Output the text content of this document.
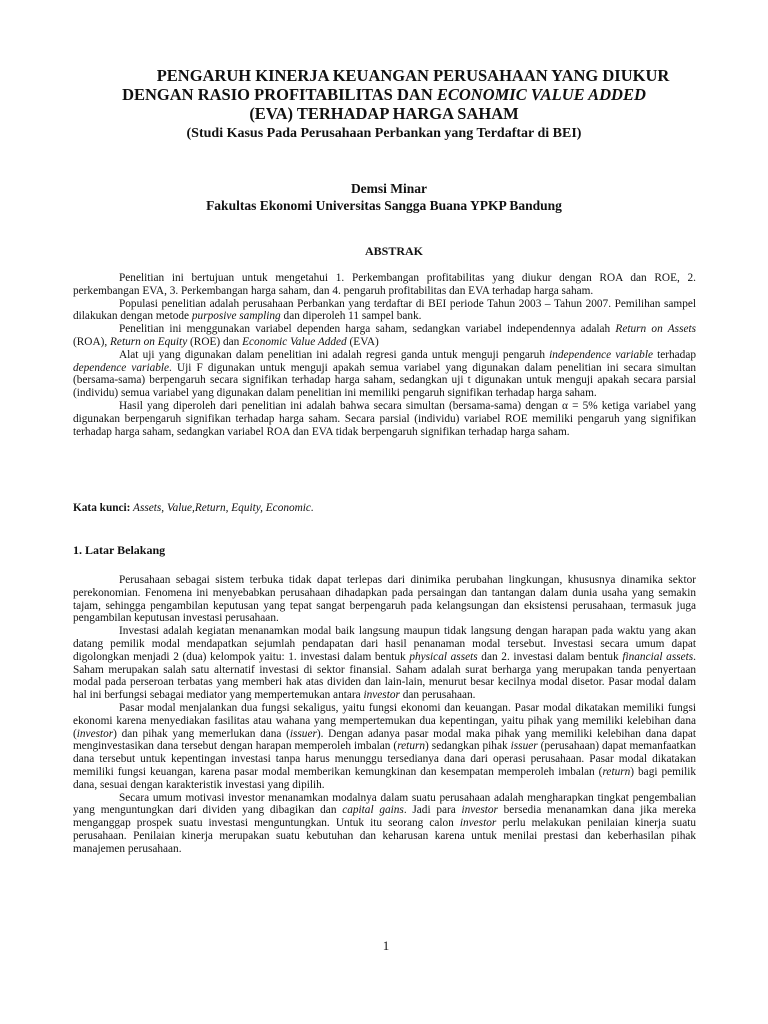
PENGARUH KINERJA KEUANGAN PERUSAHAAN YANG DIUKUR
DENGAN RASIO PROFITABILITAS DAN ECONOMIC VALUE ADDED
(EVA) TERHADAP HARGA SAHAM
(Studi Kasus Pada Perusahaan Perbankan yang Terdaftar di BEI)
Demsi Minar
Fakultas Ekonomi Universitas Sangga Buana YPKP Bandung
ABSTRAK

Penelitian ini bertujuan untuk mengetahui 1. Perkembangan profitabilitas yang diukur dengan ROA dan ROE, 2. perkembangan EVA, 3. Perkembangan harga saham, dan 4. pengaruh profitabilitas dan EVA terhadap harga saham.

Populasi penelitian adalah perusahaan Perbankan yang terdaftar di BEI periode Tahun 2003 – Tahun 2007. Pemilihan sampel dilakukan dengan metode purposive sampling dan diperoleh 11 sampel bank.

Penelitian ini menggunakan variabel dependen harga saham, sedangkan variabel independennya adalah Return on Assets (ROA), Return on Equity (ROE) dan Economic Value Added (EVA)

Alat uji yang digunakan dalam penelitian ini adalah regresi ganda untuk menguji pengaruh independence variable terhadap dependence variable. Uji F digunakan untuk menguji apakah semua variabel yang digunakan dalam penelitian ini secara simultan (bersama-sama) berpengaruh secara signifikan terhadap harga saham, sedangkan uji t digunakan untuk menguji apakah secara parsial (individu) semua variabel yang digunakan dalam penelitian ini memiliki pengaruh signifikan terhadap harga saham.

Hasil yang diperoleh dari penelitian ini adalah bahwa secara simultan (bersama-sama) dengan α = 5% ketiga variabel yang digunakan berpengaruh signifikan terhadap harga saham. Secara parsial (individu) variabel ROE memiliki pengaruh yang signifikan terhadap harga saham, sedangkan variabel ROA dan EVA tidak berpengaruh signifikan terhadap harga saham.

Kata kunci: Assets, Value,Return, Equity, Economic.
1. Latar Belakang

Perusahaan sebagai sistem terbuka tidak dapat terlepas dari dinimika perubahan lingkungan, khususnya dinamika sektor perekonomian. Fenomena ini menyebabkan perusahaan dihadapkan pada persaingan dan tantangan dalam dunia usaha yang semakin tajam, sehingga pengambilan keputusan yang tepat sangat berpengaruh pada kelangsungan dan eksistensi perusahaan, termasuk juga pengambilan keputusan investasi perusahaan.

Investasi adalah kegiatan menanamkan modal baik langsung maupun tidak langsung dengan harapan pada waktu yang akan datang pemilik modal mendapatkan sejumlah pendapatan dari hasil penanaman modal tersebut. Investasi secara umum dapat digolongkan menjadi 2 (dua) kelompok yaitu: 1. investasi dalam bentuk physical assets dan 2. investasi dalam bentuk financial assets. Saham merupakan salah satu alternatif investasi di sektor finansial. Saham adalah surat berharga yang merupakan tanda penyertaan modal pada perseroan terbatas yang memberi hak atas dividen dan lain-lain, menurut besar kecilnya modal disetor. Pasar modal dalam hal ini berfungsi sebagai mediator yang mempertemukan antara investor dan perusahaan.

Pasar modal menjalankan dua fungsi sekaligus, yaitu fungsi ekonomi dan keuangan. Pasar modal dikatakan memiliki fungsi ekonomi karena menyediakan fasilitas atau wahana yang mempertemukan dua kepentingan, yaitu pihak yang memiliki kelebihan dana (investor) dan pihak yang memerlukan dana (issuer). Dengan adanya pasar modal maka pihak yang memiliki kelebihan dana dapat menginvestasikan dana tersebut dengan harapan memperoleh imbalan (return) sedangkan pihak issuer (perusahaan) dapat memanfaatkan dana tersebut untuk kepentingan investasi tanpa harus menunggu tersedianya dana dari operasi perusahaan. Pasar modal dikatakan memiliki fungsi keuangan, karena pasar modal memberikan kemungkinan dan kesempatan memperoleh imbalan (return) bagi pemilik dana, sesuai dengan karakteristik investasi yang dipilih.

Secara umum motivasi investor menanamkan modalnya dalam suatu perusahaan adalah mengharapkan tingkat pengembalian yang menguntungkan dari dividen yang dibagikan dan capital gains. Jadi para investor bersedia menanamkan dana jika mereka menganggap prospek suatu investasi menguntungkan. Untuk itu seorang calon investor perlu melakukan penilaian kinerja suatu perusahaan. Penilaian kinerja merupakan suatu kebutuhan dan keharusan karena untuk menilai prestasi dan keberhasilan pihak manajemen perusahaan.

1
